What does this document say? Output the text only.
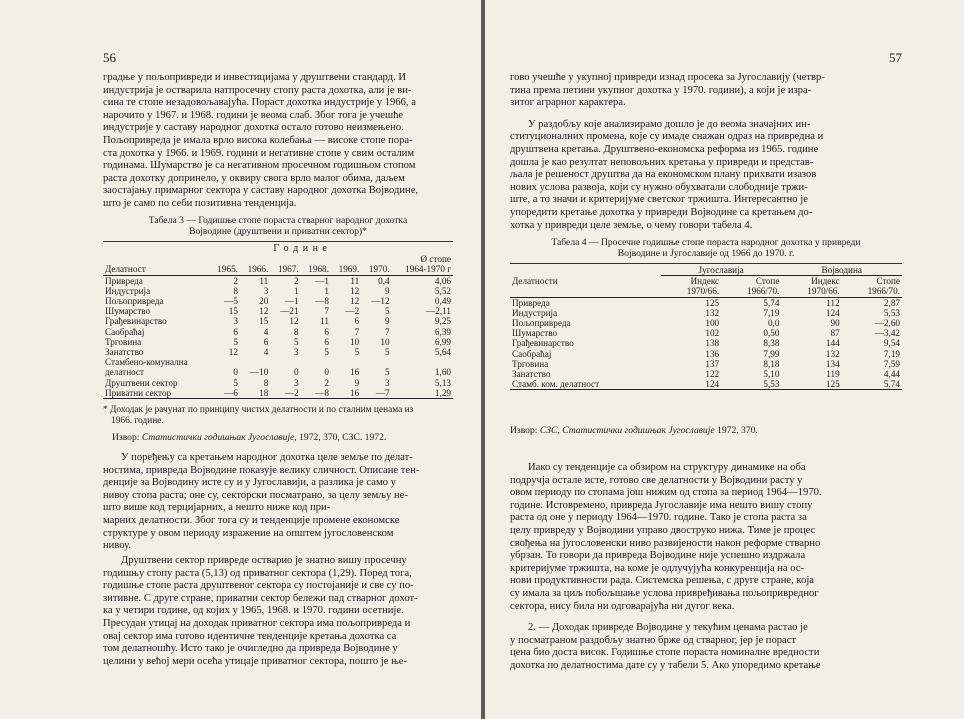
56

градње у пољопривреди и инвестицијама у друштвени стандард. И

индустрија је остварила натпросечну стопу раста дохотка, али је ви-

сина те стопе незадовољавајућа. Пораст дохотка индустрије у 1966, а

нарочито у 1967. и 1968. години је веома слаб. Због тога је учешће

индустрије у саставу народног дохотка остало готово неизмењено.

Пољопривреда је имала врло висока колебања — високе стопе пора-

ста дохотка у 1966. и 1969. години и негативне стопе у свим осталим

годинама. Шумарство је са негативном просечном годишњом стопом

раста дохотку допринело, у оквиру свога врло малог обима, даљем

заостајању примарног сектора у саставу народног дохотка Војводине,

што је само по себи позитивна тенденција.

Табела 3 — Годишње стопе пораста стварног народног дохотка
Војводине (друштвени и приватни сектор)*
Делатност	Г о д и н е						
							Ø стопе
	1965.	1966.	1967.	1968.	1969.	1970.	1964-1970 г
Привреда	2	11	2	—1	11	0,4	4,06
Индустрија	8	3	1	1	12	9	5,52
Пољопривреда	—5	20	—1	—8	12	—12	0,49
Шумарство	15	12	—21	7	—2	5	—2,11
Грађевинарство	3	15	12	11	6	9	9,25
Саобраћај	6	4	8	6	7	7	6,39
Трговина	5	6	5	6	10	10	6,99
Занатство	12	4	3	5	5	5	5,64
Стамбено-комунална							
делатност	0	—10	0	0	16	5	1,60
Друштвени сектор	5	8	3	2	9	3	5,13
Приватни сектор	—6	18	—2	—8	16	—7	1,29
* Доходак је рачунат по принципу чистих делатности и по сталним ценама из
1966. године.
Извор: Статистички годишњак Југославије, 1972, 370, СЗС. 1972.

У поређењу са кретањем народног дохотка целе земље по делат-

ностима, привреда Војводине показује велику сличност. Описане тен-

денције за Војводину исте су и у Југославији, а разлика је само у

нивоу стопа раста; оне су, секторски посматрано, за целу земљу не-

што више код терцијарних, а нешто ниже код при-

марних делатности. Због тога су и тенденције промене економске

структуре у овом периоду изражение на општем југословенском

нивоу.

Друштвени сектор привреде остварио је знатно вишу просечну

годишњу стопу раста (5,13) од приватног сектора (1,29). Поред тога,

годишње стопе раста друштвеног сектора су постојаније и све су по-

зитивне. С друге стране, приватни сектор бележи пад стварног дохот-

ка у четири године, од којих у 1965, 1968. и 1970. години осетније.

Пресудан утицај на доходак приватног сектора има пољопривреда и

овај сектор има готово идентичне тенденције кретања дохотка са

том делатношћу. Исто тако је очигледно да привреда Војводине у

целини у већој мери осећа утицаје приватног сектора, пошто је ње-

57

гово учешће у укупној привреди изнад просека за Југославију (четвр-

тина према петини укупног дохотка у 1970. години), а који је изра-

зитог аграрног карактера.

У раздобљу које анализирамо дошло је до веома значајних ин-

ституционалних промена, које су имаде снажан одраз на привредна и

друштвена кретања. Друштвено-економска реформа из 1965. године

дошла је као резултат неповољних кретања у привреди и представ-

љала је решеност друштва да на економском плану прихвати изазов

нових услова развоја, који су нужно обухватали слободније тржи-

ште, а то значи и критеријуме светског тржишта. Интересантно је

упоредити кретање дохотка у привреди Војводине са кретањем до-

хотка у привреди целе земље, о чему говори табела 4.

Табела 4 — Просечне годишње стопе пораста народног дохотка у привреди
Војводине и Југославије од 1966 до 1970. г.
Делатности	Југославија		Војводина	
	Индекс	Стопе	Индекс	Стопе
	1970/66.	1966/70.	1970/66.	1966/70.
Привреда	125	5,74	112	2,87
Индустрија	132	7,19	124	5,53
Пољопривреда	100	0,0	90	—2,60
Шумарство	102	0,50	87	—3,42
Грађевинарство	138	8,38	144	9,54
Саобраћај	136	7,99	132	7,19
Трговина	137	8,18	134	7,59
Занатство	122	5,10	119	4,44
Стамб. ком. делатност	124	5,53	125	5,74
Извор: СЗС, Статистички годишњак Југославије 1972, 370.

Иако су тенденције са обзиром на структуру динамике на оба

подручја остале исте, готово све делатности у Војводини расту у

овом периоду по стопама још нижим од стопа за период 1964—1970.

године. Истовремено, привреда Југославије има нешто вишу стопу

раста од оне у периоду 1964—1970. године. Тако је стопа раста за

целу привреду у Војводини управо двоструко нижа. Тиме је процес

свођења на југословенски ниво развијености након реформе стварно

убрзан. То говори да привреда Војводине није успешно издржала

критеријуме тржишта, на коме је одлучујућа конкуренција на ос-

нови продуктивности рада. Системска решења, с друге стране, која

су имала за циљ побољшање услова привређивања пољопривредног

сектора, нису била ни одговарајућа ни дугог века.

2. — Доходак привреде Војводине у текућим ценама растао је

у посматраном раздобљу знатно брже од стварног, јер је пораст

цена био доста висок. Годишње стопе пораста номиналне вредности

дохотка по делатностима дате су у табели 5. Ако упоредимо кретање
